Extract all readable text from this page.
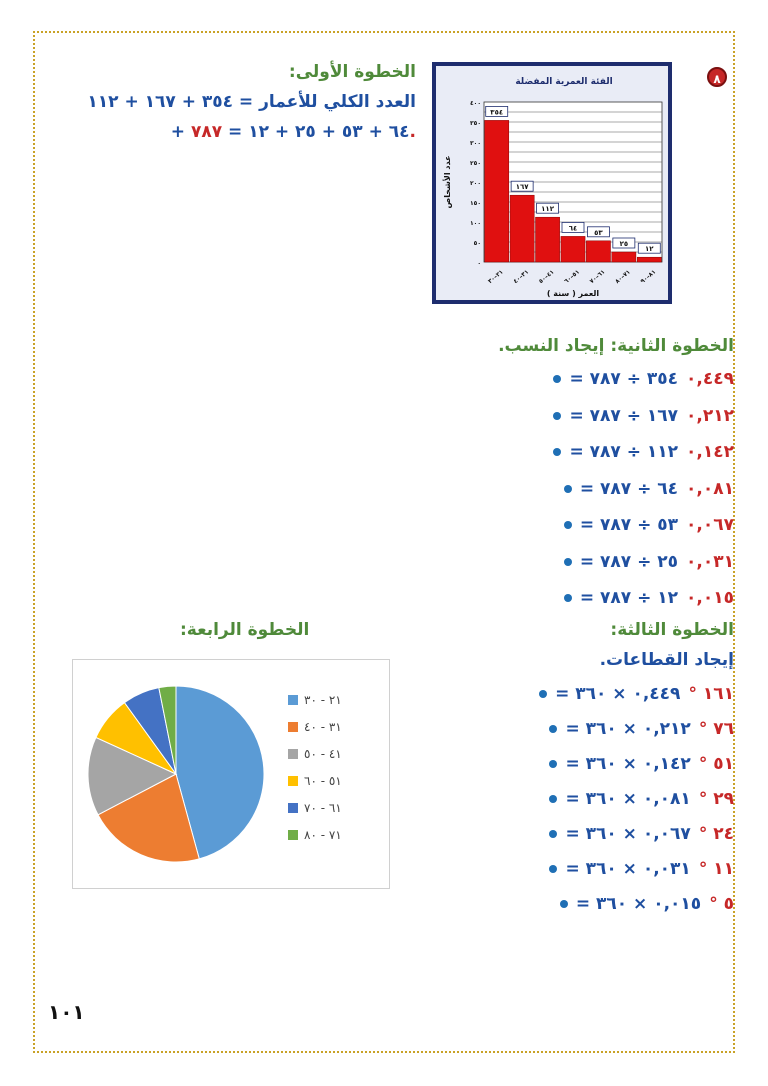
٨
الفئة العمرية المفضلة
٠
٥٠
١٠٠
١٥٠
٢٠٠
٢٥٠
٣٠٠
٣٥٠
٤٠٠
عدد الأشخاص
٣٥٤
٢١–٣٠
١٦٧
٣١–٤٠
١١٢
٤١–٥٠
٦٤
٥١–٦٠
٥٣
٦١–٧٠
٢٥
٧١–٨٠
١٢
٨١–٩٠
العمر ( سنة )
الخطوة الأولى:
العدد الكلي للأعمار = ٣٥٤ + ١٦٧ + ١١٢
+ ٦٤ + ٥٣ + ٢٥ + ١٢ = ٧٨٧.
الخطوة الثانية: إيجاد النسب.
٣٥٤ ÷ ٧٨٧ = ٠,٤٤٩
١٦٧ ÷ ٧٨٧ = ٠,٢١٢
١١٢ ÷ ٧٨٧ = ٠,١٤٢
٦٤ ÷ ٧٨٧ = ٠,٠٨١
٥٣ ÷ ٧٨٧ = ٠,٠٦٧
٢٥ ÷ ٧٨٧ = ٠,٠٣١
١٢ ÷ ٧٨٧ = ٠,٠١٥
الخطوة الثالثة:
إيجاد القطاعات.
٠,٤٤٩ × ٣٦٠ = ١٦١ °
٠,٢١٢ × ٣٦٠ = ٧٦ °
٠,١٤٢ × ٣٦٠ = ٥١ °
٠,٠٨١ × ٣٦٠ = ٢٩ °
٠,٠٦٧ × ٣٦٠ = ٢٤ °
٠,٠٣١ × ٣٦٠ = ١١ °
٠,٠١٥ × ٣٦٠ = ٥ °
الخطوة الرابعة:
٢١ - ٣٠
٣١ - ٤٠
٤١ - ٥٠
٥١ - ٦٠
٦١ - ٧٠
٧١ - ٨٠
١٠١
